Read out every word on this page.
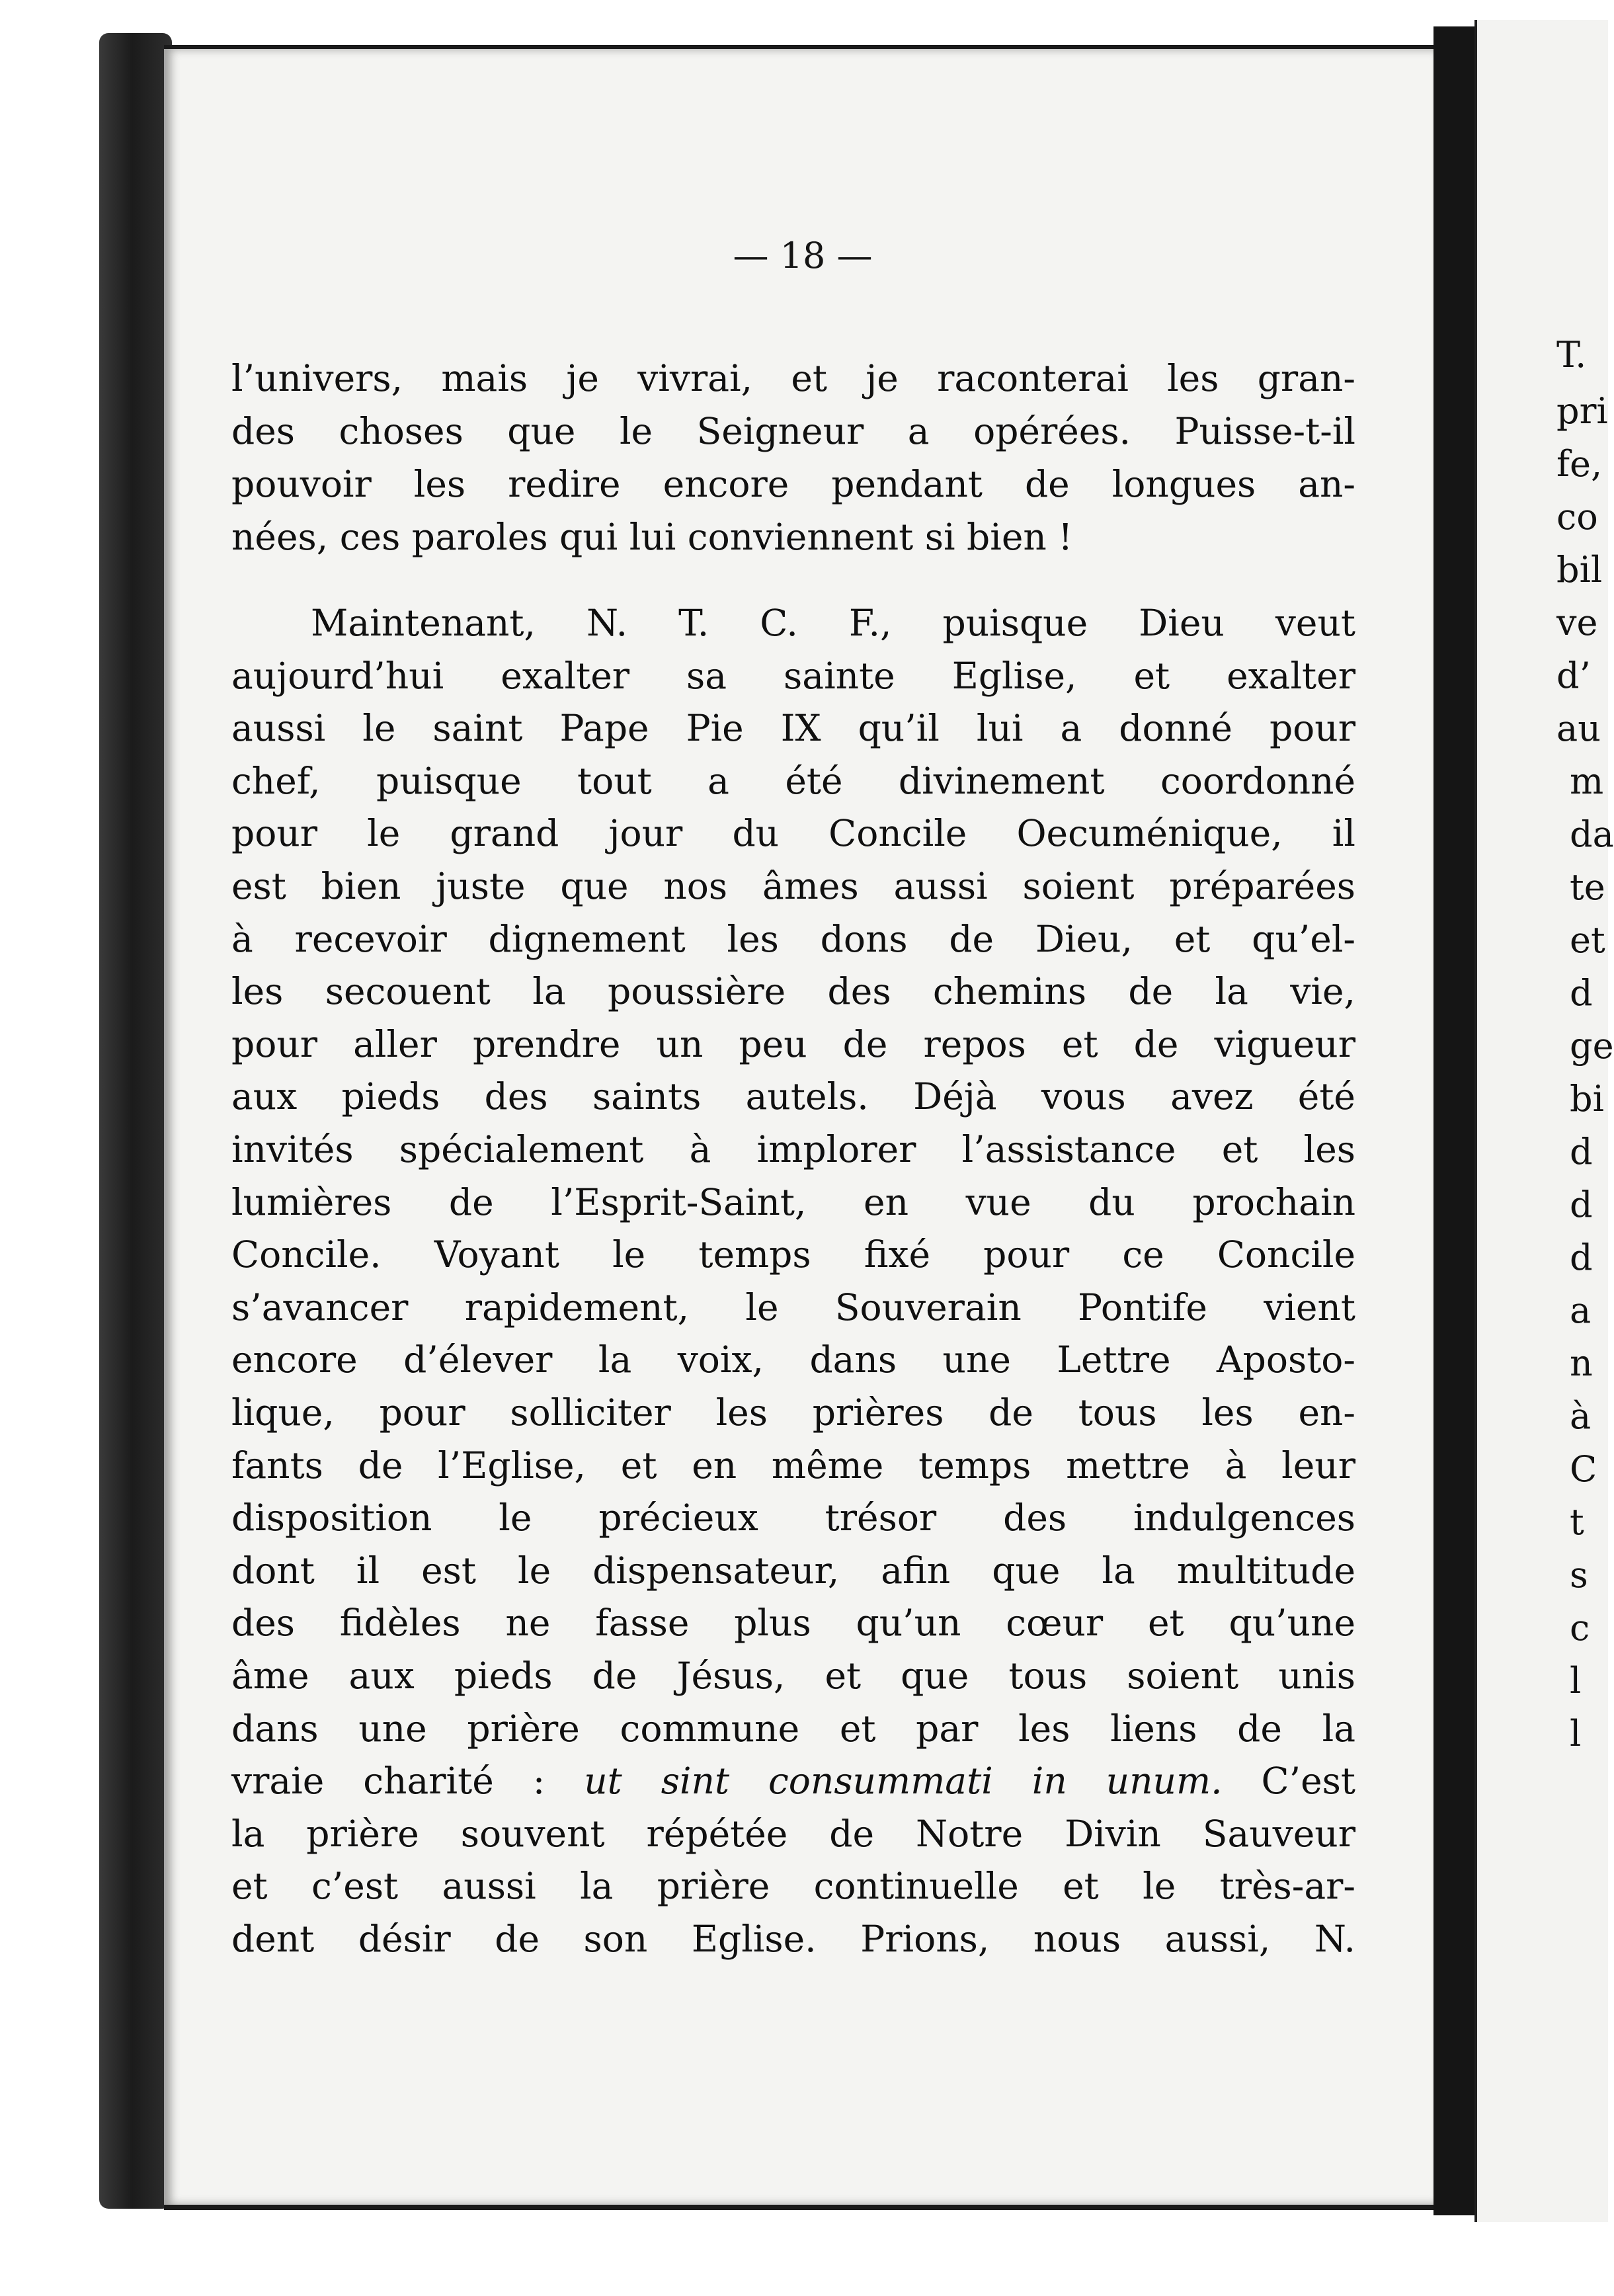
— 18 —
l’univers, mais je vivrai, et je raconterai les gran-
des choses que le Seigneur a opérées. Puisse-t-il
pouvoir les redire encore pendant de longues an-
nées, ces paroles qui lui conviennent si bien !
Maintenant, N. T. C. F., puisque Dieu veut
aujourd’hui exalter sa sainte Eglise, et exalter
aussi le saint Pape Pie IX qu’il lui a donné pour
chef, puisque tout a été divinement coordonné
pour le grand jour du Concile Oecuménique, il
est bien juste que nos âmes aussi soient préparées
à recevoir dignement les dons de Dieu, et qu’el-
les secouent la poussière des chemins de la vie,
pour aller prendre un peu de repos et de vigueur
aux pieds des saints autels. Déjà vous avez été
invités spécialement à implorer l’assistance et les
lumières de l’Esprit-Saint, en vue du prochain
Concile. Voyant le temps fixé pour ce Concile
s’avancer rapidement, le Souverain Pontife vient
encore d’élever la voix, dans une Lettre Aposto-
lique, pour solliciter les prières de tous les en-
fants de l’Eglise, et en même temps mettre à leur
disposition le précieux trésor des indulgences
dont il est le dispensateur, afin que la multitude
des fidèles ne fasse plus qu’un cœur et qu’une
âme aux pieds de Jésus, et que tous soient unis
dans une prière commune et par les liens de la
vraie charité : ut sint consummati in unum. C’est
la prière souvent répétée de Notre Divin Sauveur
et c’est aussi la prière continuelle et le très-ar-
dent désir de son Eglise. Prions, nous aussi, N.
T.
pri
fe,
co
bil
ve
d’
au
m
da
te
et
d
ge
bi
d
d
d
a
n
à
C
t
s
c
l
l
